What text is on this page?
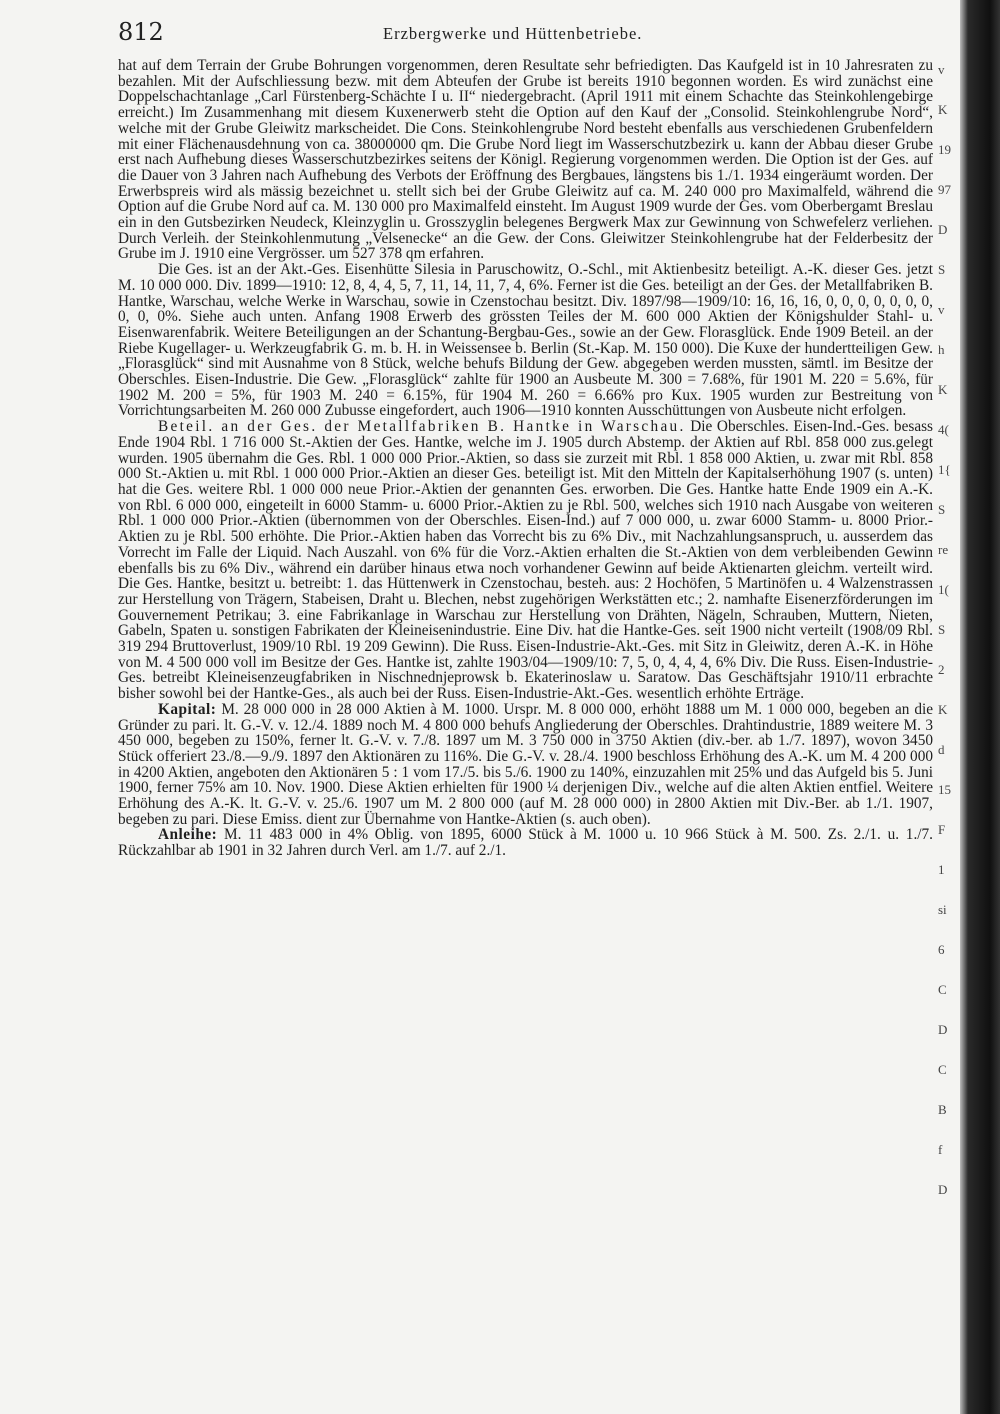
812	Erzbergwerke und Hüttenbetriebe.

hat auf dem Terrain der Grube Bohrungen vorgenommen, deren Resultate sehr befriedigten. Das Kaufgeld ist in 10 Jahresraten zu bezahlen. Mit der Aufschliessung bezw. mit dem Abteufen der Grube ist bereits 1910 begonnen worden. Es wird zunächst eine Doppelschachtanlage „Carl Fürstenberg-Schächte I u. II“ niedergebracht. (April 1911 mit einem Schachte das Steinkohlengebirge erreicht.) Im Zusammenhang mit diesem Kuxenerwerb steht die Option auf den Kauf der „Consolid. Steinkohlengrube Nord“, welche mit der Grube Gleiwitz markscheidet. Die Cons. Steinkohlengrube Nord besteht ebenfalls aus verschiedenen Grubenfeldern mit einer Flächenausdehnung von ca. 38000000 qm. Die Grube Nord liegt im Wasserschutzbezirk u. kann der Abbau dieser Grube erst nach Aufhebung dieses Wasserschutzbezirkes seitens der Königl. Regierung vorgenommen werden. Die Option ist der Ges. auf die Dauer von 3 Jahren nach Aufhebung des Verbots der Eröffnung des Bergbaues, längstens bis 1./1. 1934 eingeräumt worden. Der Erwerbspreis wird als mässig bezeichnet u. stellt sich bei der Grube Gleiwitz auf ca. M. 240 000 pro Maximalfeld, während die Option auf die Grube Nord auf ca. M. 130 000 pro Maximalfeld einsteht. Im August 1909 wurde der Ges. vom Oberbergamt Breslau ein in den Gutsbezirken Neudeck, Kleinzyglin u. Grosszyglin belegenes Bergwerk Max zur Gewinnung von Schwefelerz verliehen. Durch Verleih. der Steinkohlenmutung „Velsenecke“ an die Gew. der Cons. Gleiwitzer Steinkohlengrube hat der Felderbesitz der Grube im J. 1910 eine Vergrösser. um 527 378 qm erfahren.

Die Ges. ist an der Akt.-Ges. Eisenhütte Silesia in Paruschowitz, O.-Schl., mit Aktienbesitz beteiligt. A.-K. dieser Ges. jetzt M. 10 000 000. Div. 1899—1910: 12, 8, 4, 4, 5, 7, 11, 14, 11, 7, 4, 6%. Ferner ist die Ges. beteiligt an der Ges. der Metallfabriken B. Hantke, Warschau, welche Werke in Warschau, sowie in Czenstochau besitzt. Div. 1897/98—1909/10: 16, 16, 16, 0, 0, 0, 0, 0, 0, 0, 0, 0, 0%. Siehe auch unten. Anfang 1908 Erwerb des grössten Teiles der M. 600 000 Aktien der Königshulder Stahl- u. Eisenwarenfabrik. Weitere Beteiligungen an der Schantung-Bergbau-Ges., sowie an der Gew. Florasglück. Ende 1909 Beteil. an der Riebe Kugellager- u. Werkzeugfabrik G. m. b. H. in Weissensee b. Berlin (St.-Kap. M. 150 000). Die Kuxe der hundertteiligen Gew. „Florasglück“ sind mit Ausnahme von 8 Stück, welche behufs Bildung der Gew. abgegeben werden mussten, sämtl. im Besitze der Oberschles. Eisen-Industrie. Die Gew. „Florasglück“ zahlte für 1900 an Ausbeute M. 300 = 7.68%, für 1901 M. 220 = 5.6%, für 1902 M. 200 = 5%, für 1903 M. 240 = 6.15%, für 1904 M. 260 = 6.66% pro Kux. 1905 wurden zur Bestreitung von Vorrichtungsarbeiten M. 260 000 Zubusse eingefordert, auch 1906—1910 konnten Ausschüttungen von Ausbeute nicht erfolgen.

Beteil. an der Ges. der Metallfabriken B. Hantke in Warschau. Die Oberschles. Eisen-Ind.-Ges. besass Ende 1904 Rbl. 1 716 000 St.-Aktien der Ges. Hantke, welche im J. 1905 durch Abstemp. der Aktien auf Rbl. 858 000 zus.gelegt wurden. 1905 übernahm die Ges. Rbl. 1 000 000 Prior.-Aktien, so dass sie zurzeit mit Rbl. 1 858 000 Aktien, u. zwar mit Rbl. 858 000 St.-Aktien u. mit Rbl. 1 000 000 Prior.-Aktien an dieser Ges. beteiligt ist. Mit den Mitteln der Kapitalserhöhung 1907 (s. unten) hat die Ges. weitere Rbl. 1 000 000 neue Prior.-Aktien der genannten Ges. erworben. Die Ges. Hantke hatte Ende 1909 ein A.-K. von Rbl. 6 000 000, eingeteilt in 6000 Stamm- u. 6000 Prior.-Aktien zu je Rbl. 500, welches sich 1910 nach Ausgabe von weiteren Rbl. 1 000 000 Prior.-Aktien (übernommen von der Oberschles. Eisen-Ind.) auf 7 000 000, u. zwar 6000 Stamm- u. 8000 Prior.-Aktien zu je Rbl. 500 erhöhte. Die Prior.-Aktien haben das Vorrecht bis zu 6% Div., mit Nachzahlungsanspruch, u. ausserdem das Vorrecht im Falle der Liquid. Nach Auszahl. von 6% für die Vorz.-Aktien erhalten die St.-Aktien von dem verbleibenden Gewinn ebenfalls bis zu 6% Div., während ein darüber hinaus etwa noch vorhandener Gewinn auf beide Aktienarten gleichm. verteilt wird. Die Ges. Hantke, besitzt u. betreibt: 1. das Hüttenwerk in Czenstochau, besteh. aus: 2 Hochöfen, 5 Martinöfen u. 4 Walzenstrassen zur Herstellung von Trägern, Stabeisen, Draht u. Blechen, nebst zugehörigen Werkstätten etc.; 2. namhafte Eisenerzförderungen im Gouvernement Petrikau; 3. eine Fabrikanlage in Warschau zur Herstellung von Drähten, Nägeln, Schrauben, Muttern, Nieten, Gabeln, Spaten u. sonstigen Fabrikaten der Kleineisenindustrie. Eine Div. hat die Hantke-Ges. seit 1900 nicht verteilt (1908/09 Rbl. 319 294 Bruttoverlust, 1909/10 Rbl. 19 209 Gewinn). Die Russ. Eisen-Industrie-Akt.-Ges. mit Sitz in Gleiwitz, deren A.-K. in Höhe von M. 4 500 000 voll im Besitze der Ges. Hantke ist, zahlte 1903/04—1909/10: 7, 5, 0, 4, 4, 4, 6% Div. Die Russ. Eisen-Industrie-Ges. betreibt Kleineisenzeugfabriken in Nischnednjeprowsk b. Ekaterinoslaw u. Saratow. Das Geschäftsjahr 1910/11 erbrachte bisher sowohl bei der Hantke-Ges., als auch bei der Russ. Eisen-Industrie-Akt.-Ges. wesentlich erhöhte Erträge.

Kapital: M. 28 000 000 in 28 000 Aktien à M. 1000. Urspr. M. 8 000 000, erhöht 1888 um M. 1 000 000, begeben an die Gründer zu pari. lt. G.-V. v. 12./4. 1889 noch M. 4 800 000 behufs Angliederung der Oberschles. Drahtindustrie, 1889 weitere M. 3 450 000, begeben zu 150%, ferner lt. G.-V. v. 7./8. 1897 um M. 3 750 000 in 3750 Aktien (div.-ber. ab 1./7. 1897), wovon 3450 Stück offeriert 23./8.—9./9. 1897 den Aktionären zu 116%. Die G.-V. v. 28./4. 1900 beschloss Erhöhung des A.-K. um M. 4 200 000 in 4200 Aktien, angeboten den Aktionären 5 : 1 vom 17./5. bis 5./6. 1900 zu 140%, einzuzahlen mit 25% und das Aufgeld bis 5. Juni 1900, ferner 75% am 10. Nov. 1900. Diese Aktien erhielten für 1900 ¼ derjenigen Div., welche auf die alten Aktien entfiel. Weitere Erhöhung des A.-K. lt. G.-V. v. 25./6. 1907 um M. 2 800 000 (auf M. 28 000 000) in 2800 Aktien mit Div.-Ber. ab 1./1. 1907, begeben zu pari. Diese Emiss. dient zur Übernahme von Hantke-Aktien (s. auch oben).

Anleihe: M. 11 483 000 in 4% Oblig. von 1895, 6000 Stück à M. 1000 u. 10 966 Stück à M. 500. Zs. 2./1. u. 1./7. Rückzahlbar ab 1901 in 32 Jahren durch Verl. am 1./7. auf 2./1.

v
K
19
97
D
S
v
h
K
4(
1{
S
re
1(
S
2
K
d
15
F
1
si
6
C
D
C
B
f
D
